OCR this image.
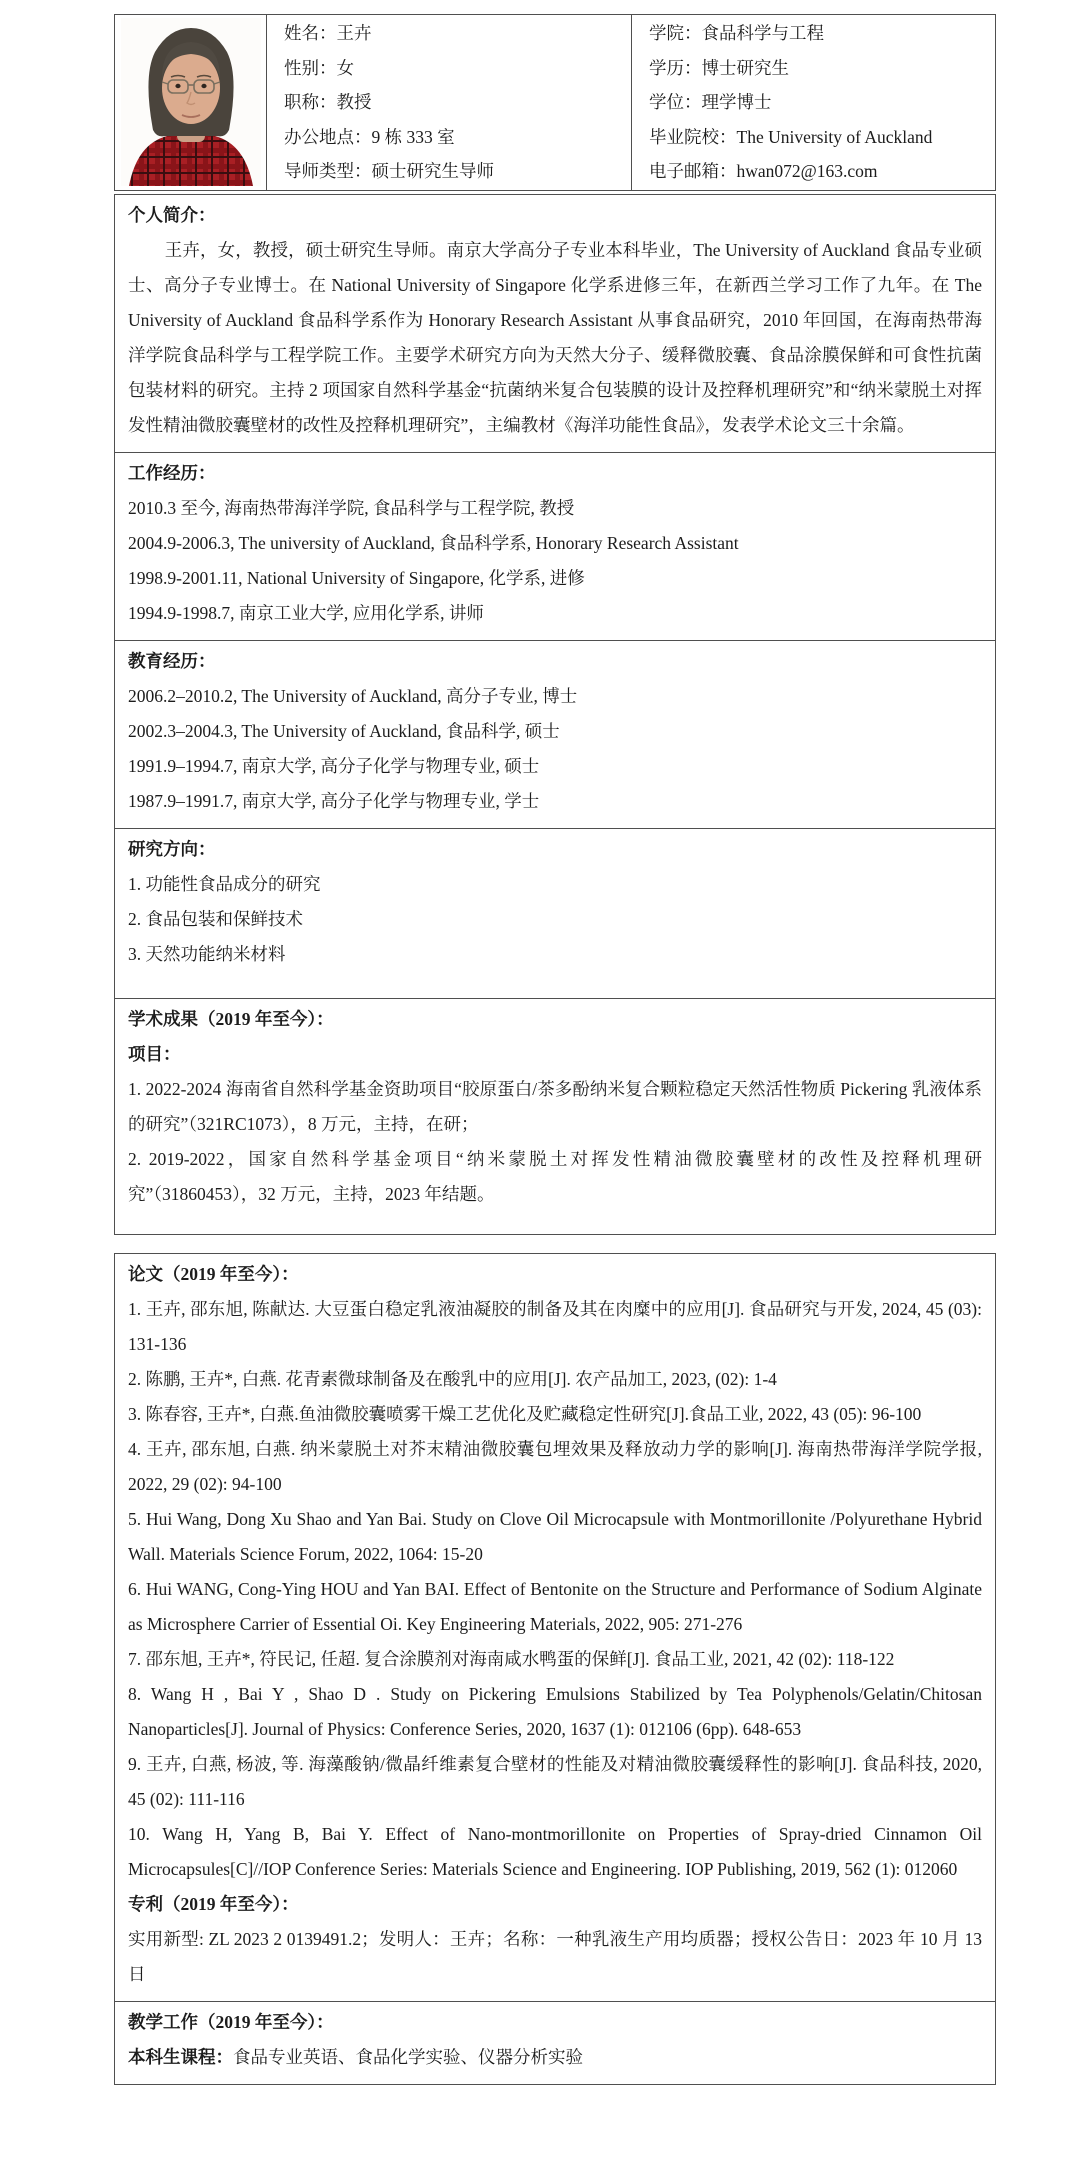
姓名：王卉
性别：女
职称：教授
办公地点：9 栋 333 室
导师类型：硕士研究生导师
学院：食品科学与工程
学历：博士研究生
学位：理学博士
毕业院校：The University of Auckland
电子邮箱：hwan072@163.com
个人简介：

王卉，女，教授，硕士研究生导师。南京大学高分子专业本科毕业，The University of Auckland 食品专业硕士、高分子专业博士。在 National University of Singapore 化学系进修三年，在新西兰学习工作了九年。在 The University of Auckland 食品科学系作为 Honorary Research Assistant 从事食品研究，2010 年回国，在海南热带海洋学院食品科学与工程学院工作。主要学术研究方向为天然大分子、缓释微胶囊、食品涂膜保鲜和可食性抗菌包装材料的研究。主持 2 项国家自然科学基金“抗菌纳米复合包装膜的设计及控释机理研究”和“纳米蒙脱土对挥发性精油微胶囊壁材的改性及控释机理研究”，主编教材《海洋功能性食品》，发表学术论文三十余篇。

工作经历：
2010.3 至今, 海南热带海洋学院, 食品科学与工程学院, 教授
2004.9-2006.3, The university of Auckland, 食品科学系, Honorary Research Assistant
1998.9-2001.11, National University of Singapore, 化学系, 进修
1994.9-1998.7, 南京工业大学, 应用化学系, 讲师
教育经历：
2006.2–2010.2, The University of Auckland, 高分子专业, 博士
2002.3–2004.3, The University of Auckland, 食品科学, 硕士
1991.9–1994.7, 南京大学, 高分子化学与物理专业, 硕士
1987.9–1991.7, 南京大学, 高分子化学与物理专业, 学士
研究方向：
1. 功能性食品成分的研究
2. 食品包装和保鲜技术
3. 天然功能纳米材料
学术成果（2019 年至今）：
项目：
1. 2022-2024 海南省自然科学基金资助项目“胶原蛋白/茶多酚纳米复合颗粒稳定天然活性物质 Pickering 乳液体系的研究”（321RC1073），8 万元，主持，在研；
2. 2019-2022，国家自然科学基金项目“纳米蒙脱土对挥发性精油微胶囊壁材的改性及控释机理研究”（31860453），32 万元，主持，2023 年结题。
论文（2019 年至今）：
1. 王卉, 邵东旭, 陈献达. 大豆蛋白稳定乳液油凝胶的制备及其在肉糜中的应用[J]. 食品研究与开发, 2024, 45 (03): 131-136
2. 陈鹏, 王卉*, 白燕. 花青素微球制备及在酸乳中的应用[J]. 农产品加工, 2023, (02): 1-4
3. 陈春容, 王卉*, 白燕.鱼油微胶囊喷雾干燥工艺优化及贮藏稳定性研究[J].食品工业, 2022, 43 (05): 96-100
4. 王卉, 邵东旭, 白燕. 纳米蒙脱土对芥末精油微胶囊包埋效果及释放动力学的影响[J]. 海南热带海洋学院学报, 2022, 29 (02): 94-100
5. Hui Wang, Dong Xu Shao and Yan Bai. Study on Clove Oil Microcapsule with Montmorillonite /Polyurethane Hybrid Wall. Materials Science Forum, 2022, 1064: 15-20
6. Hui WANG, Cong-Ying HOU and Yan BAI. Effect of Bentonite on the Structure and Performance of Sodium Alginate as Microsphere Carrier of Essential Oi. Key Engineering Materials, 2022, 905: 271-276
7. 邵东旭, 王卉*, 符民记, 任超. 复合涂膜剂对海南咸水鸭蛋的保鲜[J]. 食品工业, 2021, 42 (02): 118-122
8. Wang H , Bai Y , Shao D . Study on Pickering Emulsions Stabilized by Tea Polyphenols/Gelatin/Chitosan Nanoparticles[J]. Journal of Physics: Conference Series, 2020, 1637 (1): 012106 (6pp). 648-653
9. 王卉, 白燕, 杨波, 等. 海藻酸钠/微晶纤维素复合壁材的性能及对精油微胶囊缓释性的影响[J]. 食品科技, 2020, 45 (02): 111-116
10. Wang H, Yang B, Bai Y. Effect of Nano-montmorillonite on Properties of Spray-dried Cinnamon Oil Microcapsules[C]//IOP Conference Series: Materials Science and Engineering. IOP Publishing, 2019, 562 (1): 012060
专利（2019 年至今）：
实用新型: ZL 2023 2 0139491.2；发明人：王卉；名称：一种乳液生产用均质器；授权公告日：2023 年 10 月 13 日
教学工作（2019 年至今）：
本科生课程：食品专业英语、食品化学实验、仪器分析实验
